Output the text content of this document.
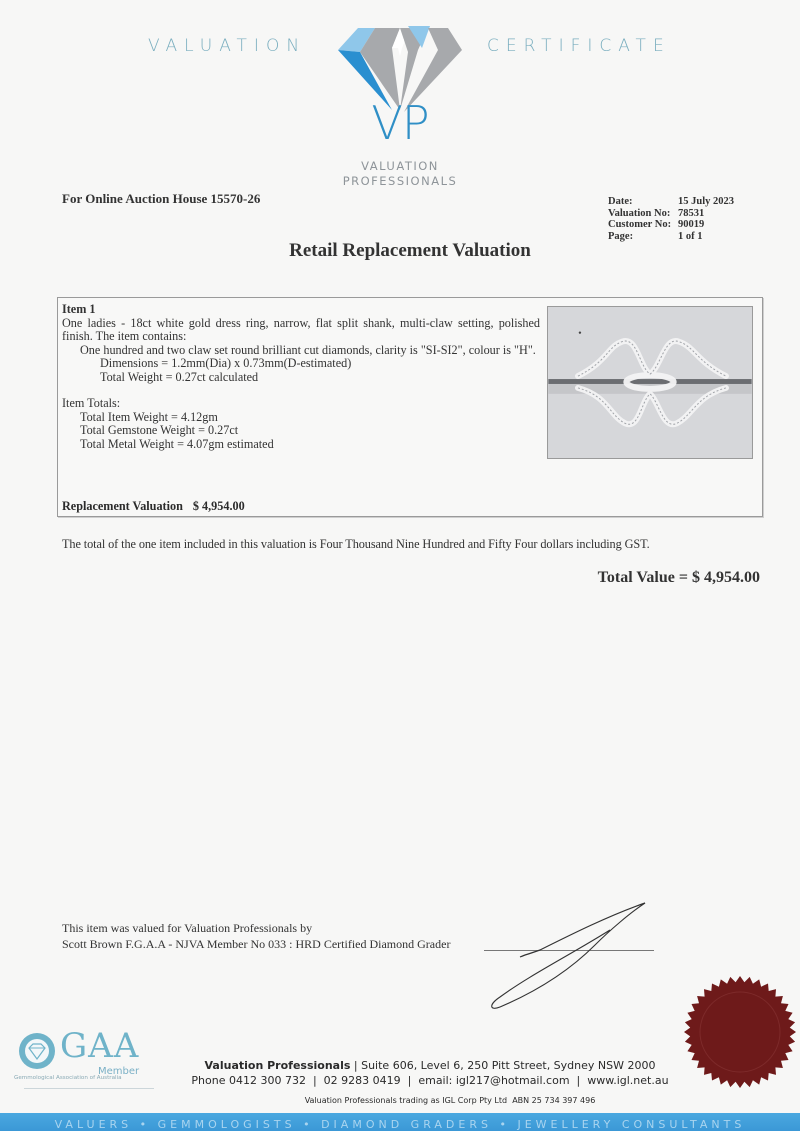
VALUATION	CERTIFICATE
VP
VALUATION
PROFESSIONALS
For Online Auction House 15570-26	Date:	15 July 2023
Valuation No: 78531
Customer No: 90019
Page:	1 of 1
Retail Replacement Valuation
Item 1
One ladies - 18ct white gold dress ring, narrow, flat split shank, multi-claw setting, polished finish. The item contains:
One hundred and two claw set round brilliant cut diamonds, clarity is "SI-SI2", colour is "H".
Dimensions = 1.2mm(Dia) x 0.73mm(D-estimated)
Total Weight = 0.27ct calculated
Item Totals:
Total Item Weight = 4.12gm
Total Gemstone Weight = 0.27ct
Total Metal Weight = 4.07gm estimated
Replacement Valuation $ 4,954.00
The total of the one item included in this valuation is Four Thousand Nine Hundred and Fifty Four dollars including GST.
Total Value = $ 4,954.00
This item was valued for Valuation Professionals by
Scott Brown F.G.A.A - NJVA Member No 033 : HRD Certified Diamond Grader
GAA
Gemmological Association of Australia
Member	Valuation Professionals | Suite 606, Level 6, 250 Pitt Street, Sydney NSW 2000
Phone 0412 300 732  |  02 9283 0419  |  email: igl217@hotmail.com  |  www.igl.net.au
Valuation Professionals trading as IGL Corp Pty Ltd  ABN 25 734 397 496
VALUERS • GEMMOLOGISTS • DIAMOND GRADERS • JEWELLERY CONSULTANTS
